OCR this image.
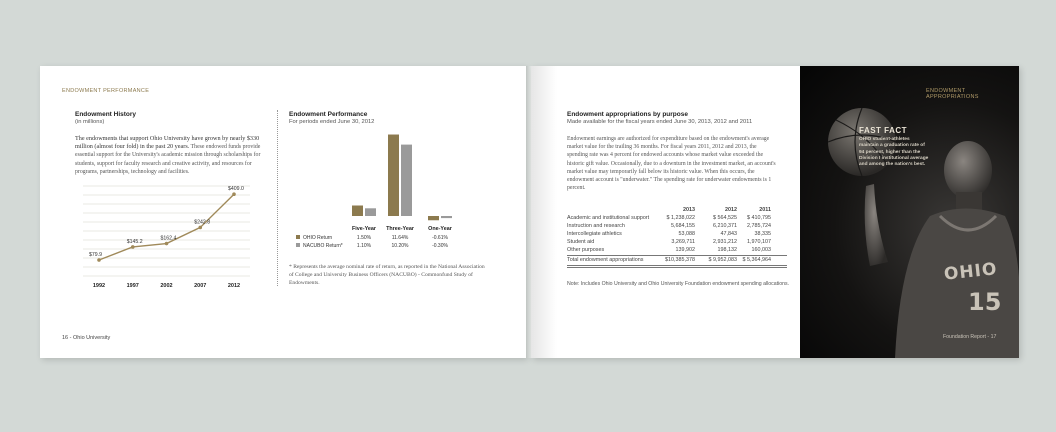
ENDOWMENT PERFORMANCE
Endowment History
(in millions)
The endowments that support Ohio University have grown by nearly $330 million (almost four fold) in the past 20 years. These endowed funds provide essential support for the University's academic mission through scholarships for students, support for faculty research and creative activity, and resources for programs, partnerships, technology and facilities.
$79.9
1992
$145.2
1997
$162.4
2002
$242.8
2007
$409.0
2012
Endowment Performance
For periods ended June 30, 2012
Five-Year Three-Year	One-Year
OHIO Return	1.50%	11.64%	-0.61%
NACUBO Return*	1.10%	10.20%	-0.30%
* Represents the average nominal rate of return, as reported in the National Association of College and University Business Officers (NACUBO) - Commonfund Study of Endowments.
16 - Ohio University
Endowment appropriations by purpose
Made available for the fiscal years ended June 30, 2013, 2012 and 2011
Endowment earnings are authorized for expenditure based on the endowment's average market value for the trailing 36 months. For fiscal years 2011, 2012 and 2013, the spending rate was 4 percent for endowed accounts whose market value exceeded the historic gift value. Occasionally, due to a downturn in the investment market, an account's market value may temporarily fall below its historic value. When this occurs, the endowment account is "underwater." The spending rate for underwater endowments is 1 percent.
2013	2012	2011
Academic and institutional support	$ 1,238,022	$ 564,525	$ 410,795
Instruction and research	5,684,155	6,210,371	2,785,724
Intercollegiate athletics	53,088	47,843	38,335
Student aid	3,269,711	2,931,212	1,970,107
Other purposes	139,902	198,132	160,003
Total endowment appropriations	$10,385,378	$ 9,952,083	$ 5,364,964
Note: Includes Ohio University and Ohio University Foundation endowment spending allocations.	OHIO
15
ENDOWMENT APPROPRIATIONS
FAST FACT
OHIO student-athletes maintain a graduation rate of 94 percent, higher than the Division I institutional average and among the nation's best.
Foundation Report - 17
